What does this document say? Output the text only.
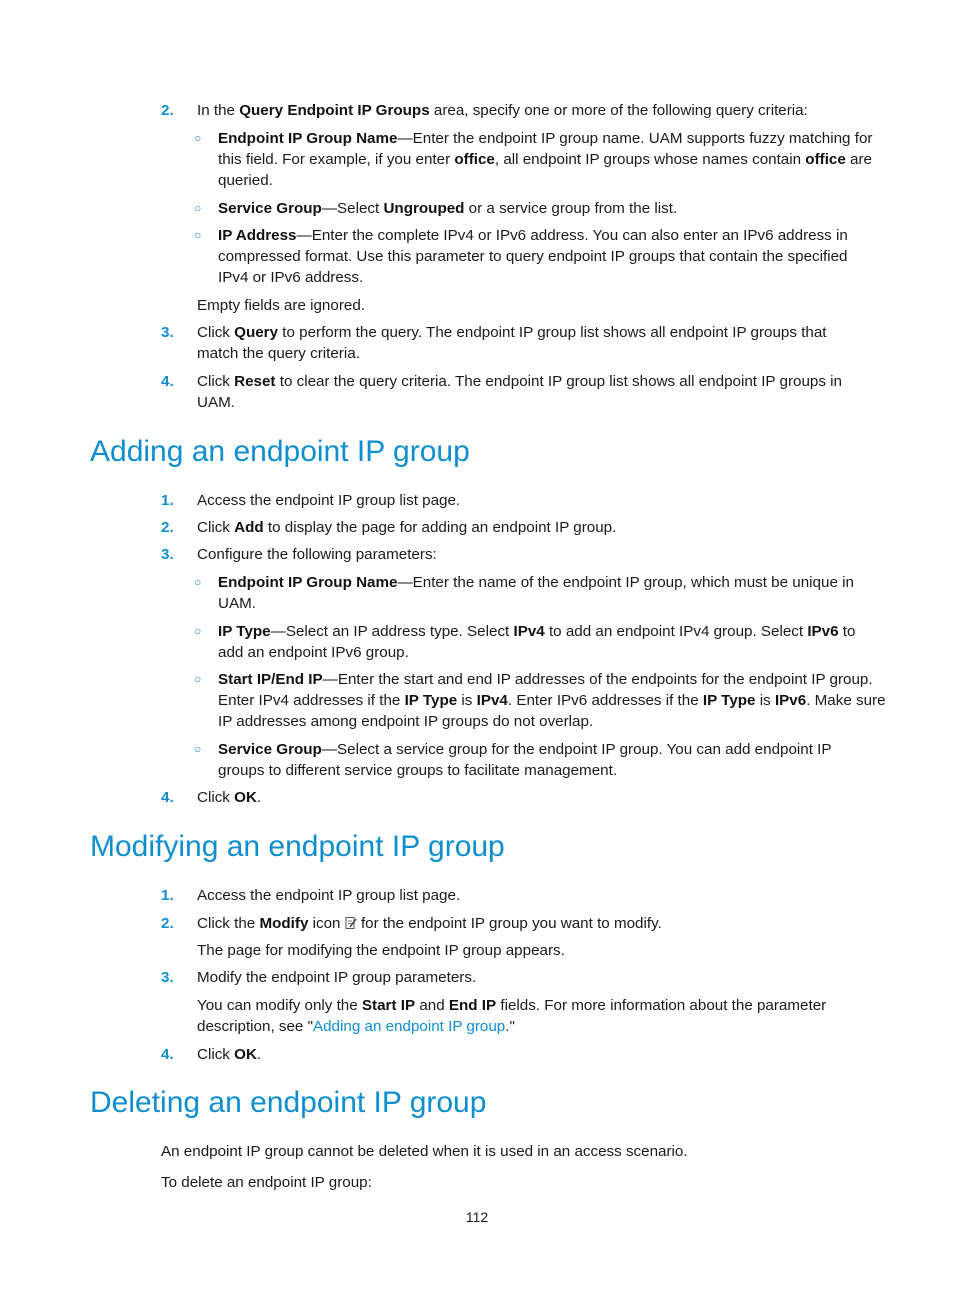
2. In the Query Endpoint IP Groups area, specify one or more of the following query criteria:
○ Endpoint IP Group Name—Enter the endpoint IP group name. UAM supports fuzzy matching for
this field. For example, if you enter office, all endpoint IP groups whose names contain office are
queried.
○ Service Group—Select Ungrouped or a service group from the list.
○ IP Address—Enter the complete IPv4 or IPv6 address. You can also enter an IPv6 address in
compressed format. Use this parameter to query endpoint IP groups that contain the specified
IPv4 or IPv6 address.
Empty fields are ignored.
3. Click Query to perform the query. The endpoint IP group list shows all endpoint IP groups that
match the query criteria.
4. Click Reset to clear the query criteria. The endpoint IP group list shows all endpoint IP groups in
UAM.
Adding an endpoint IP group
1. Access the endpoint IP group list page.
2. Click Add to display the page for adding an endpoint IP group.
3. Configure the following parameters:
○ Endpoint IP Group Name—Enter the name of the endpoint IP group, which must be unique in
UAM.
○ IP Type—Select an IP address type. Select IPv4 to add an endpoint IPv4 group. Select IPv6 to
add an endpoint IPv6 group.
○ Start IP/End IP—Enter the start and end IP addresses of the endpoints for the endpoint IP group.
Enter IPv4 addresses if the IP Type is IPv4. Enter IPv6 addresses if the IP Type is IPv6. Make sure
IP addresses among endpoint IP groups do not overlap.
○ Service Group—Select a service group for the endpoint IP group. You can add endpoint IP
groups to different service groups to facilitate management.
4. Click OK.
Modifying an endpoint IP group
1. Access the endpoint IP group list page.
2. Click the Modify icon  for the endpoint IP group you want to modify.
The page for modifying the endpoint IP group appears.
3. Modify the endpoint IP group parameters.
You can modify only the Start IP and End IP fields. For more information about the parameter
description, see "Adding an endpoint IP group."
4. Click OK.
Deleting an endpoint IP group
An endpoint IP group cannot be deleted when it is used in an access scenario.
To delete an endpoint IP group:
112
